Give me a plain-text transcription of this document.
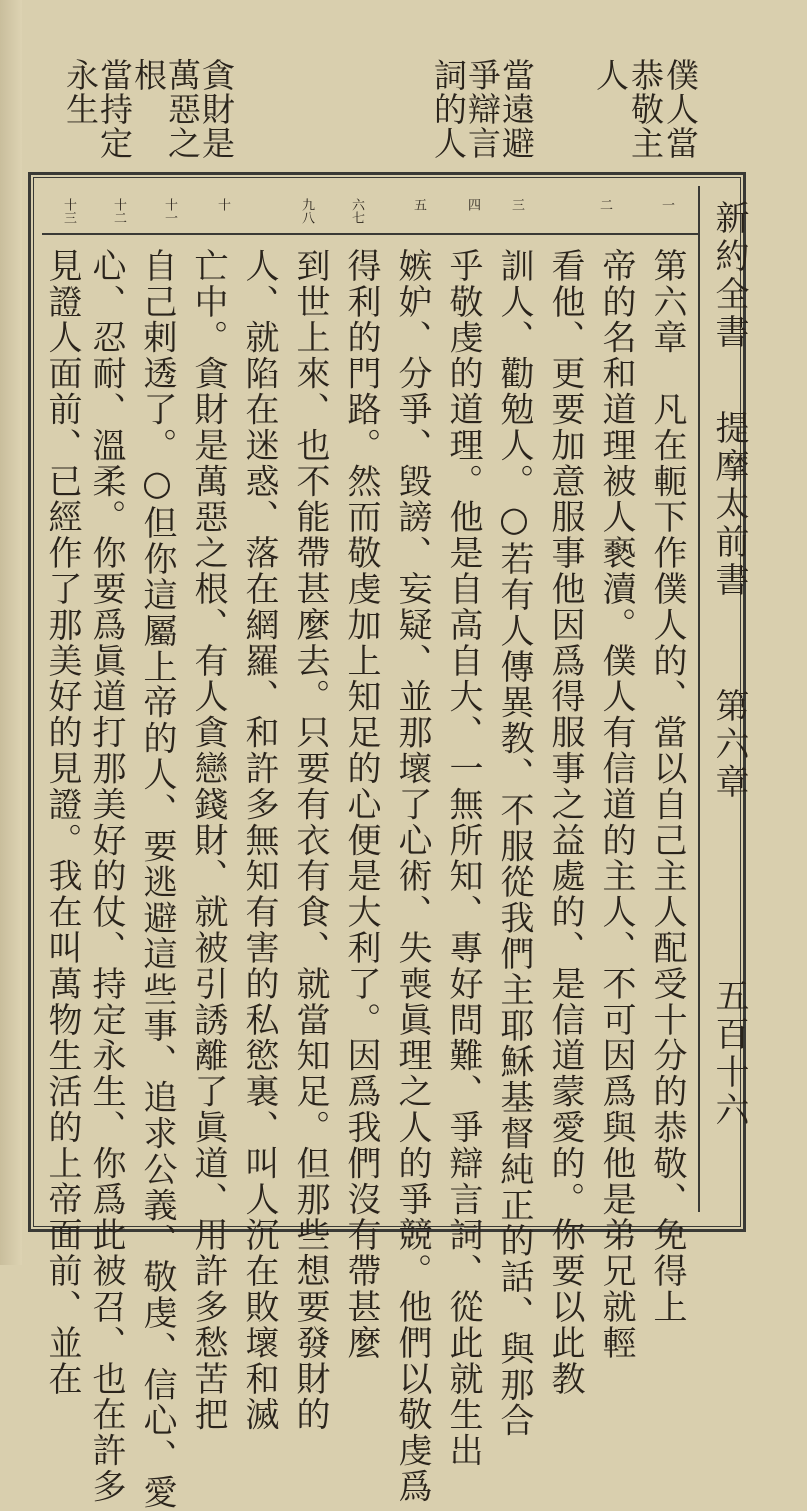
僕人當
恭敬主
人
當遠避
爭辯言
詞的人
貪財是
萬惡之
根
當持定
永生
新約全書
提摩太前書
第六章
五百十六
一
二
三
四
五
六七
九八
十
十一
十二
十三
第六章　凡在軛下作僕人的、當以自己主人配受十分的恭敬、免得上
帝的名和道理被人褻瀆。僕人有信道的主人、不可因爲與他是弟兄就輕
看他、更要加意服事他因爲得服事之益處的、是信道蒙愛的。你要以此教
訓人、勸勉人。○若有人傳異教、不服從我們主耶穌基督純正的話、與那合
乎敬虔的道理。他是自高自大、一無所知、專好問難、爭辯言詞、從此就生出
嫉妒、分爭、毀謗、妄疑、並那壞了心術、失喪眞理之人的爭競。他們以敬虔爲
得利的門路。然而敬虔加上知足的心便是大利了。因爲我們沒有帶甚麼
到世上來、也不能帶甚麼去。只要有衣有食、就當知足。但那些想要發財的
人、就陷在迷惑、落在網羅、和許多無知有害的私慾裏、叫人沉在敗壞和滅
亡中。貪財是萬惡之根、有人貪戀錢財、就被引誘離了眞道、用許多愁苦把
自己剌透了。○但你這屬上帝的人、要逃避這些事、追求公義、敬虔、信心、愛
心、忍耐、溫柔。你要爲眞道打那美好的仗、持定永生、你爲此被召、也在許多
見證人面前、已經作了那美好的見證。我在叫萬物生活的上帝面前、並在
